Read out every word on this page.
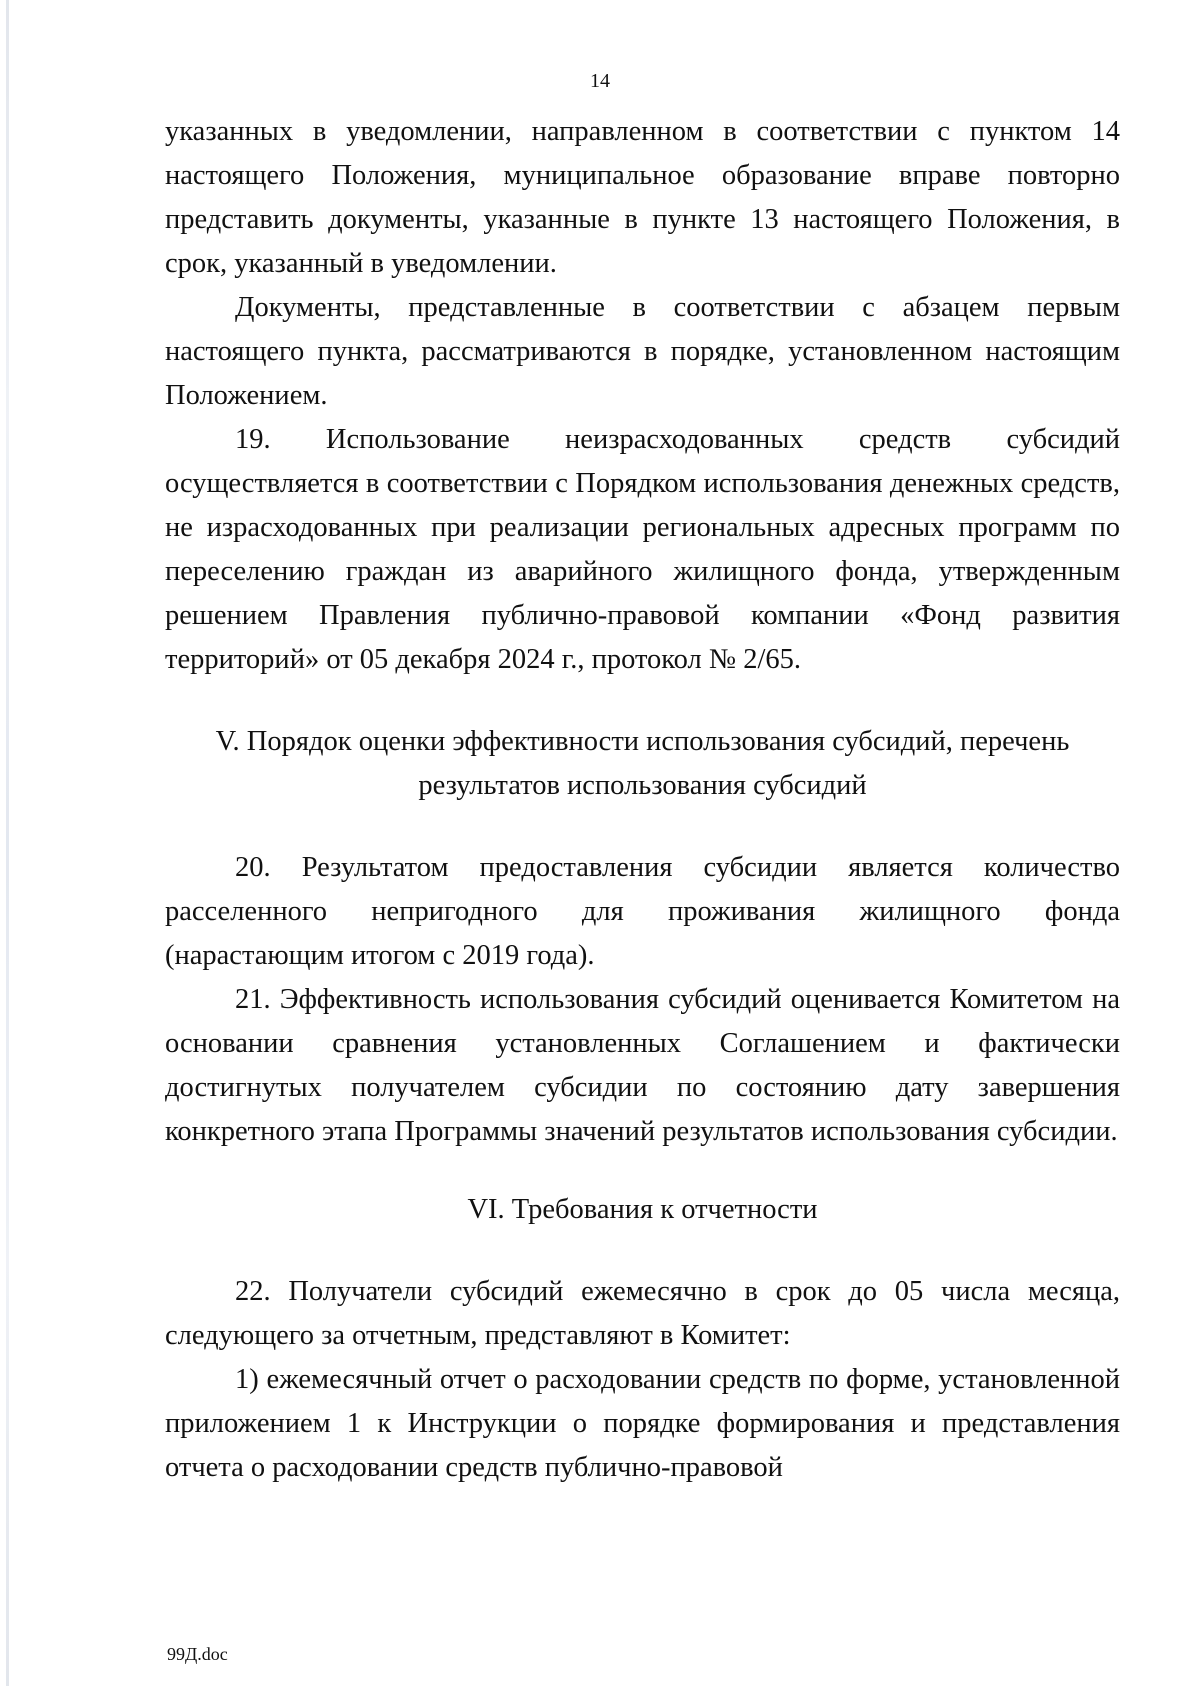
14

указанных в уведомлении, направленном в соответствии с пунктом 14 настоящего Положения, муниципальное образование вправе повторно представить документы, указанные в пункте 13 настоящего Положения, в срок, указанный в уведомлении.

Документы, представленные в соответствии с абзацем первым настоящего пункта, рассматриваются в порядке, установленном настоящим Положением.

19. Использование неизрасходованных средств субсидий осуществляется в соответствии с Порядком использования денежных средств, не израсходованных при реализации региональных адресных программ по переселению граждан из аварийного жилищного фонда, утвержденным решением Правления публично-правовой компании «Фонд развития территорий» от 05 декабря 2024 г., протокол № 2/65.

V. Порядок оценки эффективности использования субсидий, перечень результатов использования субсидий

20. Результатом предоставления субсидии является количество расселенного непригодного для проживания жилищного фонда (нарастающим итогом с 2019 года).

21. Эффективность использования субсидий оценивается Комитетом на основании сравнения установленных Соглашением и фактически достигнутых получателем субсидии по состоянию дату завершения конкретного этапа Программы значений результатов использования субсидии.

VI. Требования к отчетности

22. Получатели субсидий ежемесячно в срок до 05 числа месяца, следующего за отчетным, представляют в Комитет:

1) ежемесячный отчет о расходовании средств по форме, установленной приложением 1 к Инструкции о порядке формирования и представления отчета о расходовании средств публично-правовой

99Д.doc
